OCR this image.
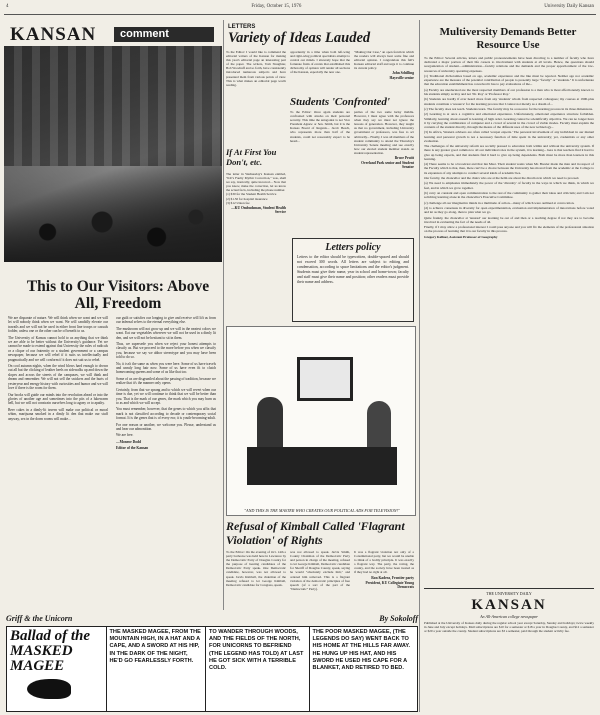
4	Friday, October 15, 1976	University Daily Kansan
KANSAN	comment
This to Our Visitors: Above All, Freedom

We are disparate of nature. We will think when we want and we will let will nobody think when we want. We will candidly elevate our travails and we will not be used in either front line troops or casuals fodder, unless one or the other can be of benefit to us.

The University of Kansas cannot hold to us anything that we think we are able to be better without the University's guidance. Yet we cannot be made to extend against that University the rules of radicals or a clique of our fraternity or a student government or a campus newspaper, because we will rebel if it suits us intellectually and pragmatically and we will conform if it does not suit us to rebel.

On cool autumn nights, when the wind blows hard enough to drown out all but the clicking of leather heels on sidewalks up and down the slopes and across the streets of the campuses, we will think and dream and remember. We will not sell the snickers and the hurts of yesteryear and energy history with curiosities and humor and we will love if there is the room for them.

Our books will guide our minds into the revolution ahead or into the glories of another age and sometimes into the pits of a lukewarm hell, but we will not constrain ourselves long to agony or to apathy.

Beer cakes in a dimly-lit tavern will make our political or moral whim, marijuana smoked in a dimly lit den that make our stuff anyway, sex in the dorm rooms will make...

our guilt or satisfies our longing to give and receive will lift us from our infernal selves to the eternal everything else.

The mushroom will not grow up and we will in the neatest colors we want. Eat our vegetables wherever we will not be used in a dimly lit den, and we will not be hesitant to sit in them.

Thus, we supersede you when we reject your honest attempts to classify us. But we proceed to the more before you when we classify you, because we say we abhor stereotype and you may have been told to do so.

No, it isn't the same as when you were here. Some of us have travels and unruly long hair now. Some of us have even fit to clutch homecoming queens and some of us like that too.

Some of us are disgruntled about the passing of tradition, because we realize that it's the manner only opens.

Certainly, from that we sprang and to which we will revert when our time is due, yet we will continue to think that we will be better than you. That is the mark of our genes, the mark which you may burn us to as and which we will accept.

You must remember, however, that the genes to which you affix that mark is not classified according to decade or contemporary social format. It is the genes that is of every era; it is youth-becoming-adult.

For one reason or another, we welcome you. Please, understand us and hear our admonition.

We are free.

—Monroe Dodd

Editor of the Kansan

LETTERS
Variety of Ideas Lauded
To the Editor: I would like to commend the editorial writers of the Kansan for making this year's editorial page an interesting part of the paper. The writers, Tom Slaughter, Bob Woodruff and so forth, have consistently introduced numerous subjects and have presented them from various points of view. This is what makes an editorial page worth reading.
opportunity in a time when both left-wing and right-wing political specialists attempt to control our minds. I sincerely hope that the fortunate fruits of events that established this dichotomy of opinion will render all sections of the Kansan, especially the new one.
"Making Our Case," an open forum in which the readers will always hear some fine and editorial opinion. I congratulate this fall's Kansan editorial staff and urge it to continue its current policy.
John Schilling
Haysville senior
Students 'Confronted'
To the Editor: Once again students are confronted with attacks on their personal security. This time the antagonist is not Vice President Agnew or Sen. Smith, but it is the Kansas Board of Regents... Jacob Beach, who represents more than half of the students, could not reasonably expect to be heard...
parties of the two same lucky middle. However, I must agree with the professors when they say we must not ignore the lessons of generation. However, they taught us that no government, including University government or professors, was free to act arbitrarily... Finally, I was all members of the student community to attend the Thursday's University Senate meeting and see exactly how our elected student member stands on student representation.
Bruce Pruitt
Overland Park senior and Student Senator
If At First You Don't, etc.
The letter in Wednesday's Kansan entitled, "KU's Faulty Mythic Correction," was, shall we say, ironically, quite incorrect... Now that you know, make the correction, let us know the actual facts, including the phone number.
(1) $30 for the Student Health Service
(2) $1.50 for hospital insurance
(3) $12 Union fee
—KU Ombudsman, Student Health Service
Letters policy
Letters to the editor should be typewritten, double-spaced and should not exceed 300 words. All letters are subject to editing and condensation, according to space limitations and the editor's judgment. Students must give their name, year in school and home-town; faculty and staff must give their name and position; other readers must provide their name and address.
"AND THIS IS THE MASTER WHO CREATES OUR POLITICAL ADS FOR TELEVISION!"
Refusal of Kimball Called 'Flagrant Violation' of Rights
To the Editor: On the evening of Oct. 14th a party barbecue was held here in Lawrence by the Democratic Party of Douglas County for the purpose of hearing candidates of the Democratic Party speak. One Democratic candidate, however, was not allowed to speak. Jarvis Kimball, the chairman of the meeting refused to let George Kimball, Democratic candidate for Congress, speak.
was not allowed to speak. Jarvis Smith, County Chairman of the Democratic Party and person in charge of the meeting, refused to let George Kimball, Democratic candidate for Sheriff of Douglas County, speak, saying he would "absolutely exclude him," and ordered him removed. This is a flagrant violation of the democratic principles of free speech (of a sort of the part of the "Democratic" Party).
It was a flagrant violation not only of a Constitutional party, but we would be unable to think of a bodily principle. It was exactly a flagrant way. The party, the voting, the county, and the society have been treated as if they had no right at all.
Ron Kadera, Frontier party
President, KU Collegiate Young Democrats
Multiversity Demands Better Resource Use

To the Editor: Several articles, letters and public pronouncements have been directing to a number of faculty who have dedicated a major portion of their life careers to involvement with students at all levels. Hence, the questions should reorganization of student—administration—faculty relations and the demands and the proper apportionment of the low-resources of university operating expenses.

(1) Traditional dichotomies based on age, academic experience and the like must be rejected. Neither age nor academic experience are the measure of the potential contribution of people to presently large "faculty" or "students." It is unfortunate that the education establishment has conceived it has to pay evaluations of the...

(a) Faculty are uneducated are the most respected members of our profession is a man who is most affectionately known to his students simply as Roy and not 'Dr. Roy' or 'Professor Roy.'

(b) Students are hardly if ever heard more from any 'students' whom from respected colleagues; my courses at 1900-plus students constitute a 'resource' for the learning process that I cannot not merely as a dream of...

(c) The faculty does not teach. Students learn. The faculty may be a resource for the learning process in its three dimensions.

(2) Learning is at once a cognitive and emotional experience. Unfortunately, emotional experience structure forbidden. Similarly, learning about oneself is learning of high order. Learning cannot be scientifically objective. We can no longer have it by carrying the combination of computer and a crowd of several in the crowd of viable modes. Faculty must explain the contents of the student directly, through the means of the different uses of the new technology...

(3) In Africa, Western advisers are often called 'scarpet experts.' The personal involvement of any individual in our mutual learning and personal growth is not a necessary function of time spent in the university; yet, credentials or any other evaluation.

The challenges of the university reform are socially pressed to education both within and without the university system. If there is any greater good common to all our individual roles in the system, it is learning... here is that teachers find it hard to give up being experts, and that students find it hard to give up being dependents. Both must be more than learners in this learning.

(4) There seems to be a broadcast and that Ian Mast. Their student wants when Mr. Bresler made the man and in respect of the Faculty which is that, then, there can't be a choice between the University has moved from the academic at the College to its expansion of any attempts to conduct several kinds of academic lies.

Our faculty, the chancellor and the chairs who are at the helm are about the direction in which we need to proceed.

(a) We need to emphasize immediately the power of the 'diversity' of faculty in the ways in which we think, in which we feel, and in which we grow together.

(b) carry on constant and open communication to the rest of the community to gather their ideas and criticism; and I am not soliciting learning alone in the chancellor's Executive Committee.

(c) challenge all our imaginative minds in a multitude of action—many of which were outlined at convocation.

(d) to achieve consensus in diversity for open experimentation, evaluation and implementation of innovations before voted and let as they go along, then to plan what we go.

Quite frankly, the chancellor at 'tenured' our learning be out of and then or a teaching degree if not they are to become involved in evaluating the fact of the needs of all.

Finally, if I may allow a professional interest I could pass anyone and you will fix the elements of the professional situation on the process of learning that it is our faculty in this process.

Gregory Kellner, Assistant Professor of Geography

THE UNIVERSITY DAILY
KANSAN
An All-American college newspaper
Published at the University of Kansas daily during the regular school year except Saturday, Sunday and holidays; twice weekly in June and July except holidays. Mail subscriptions are $10 for a semester or $18 a year in Douglas County, and $12 a semester or $20 a year outside the county. Student subscriptions are $3 a semester, paid through the student activity fee.
Griff & the Unicorn	By Sokoloff
Ballad of the MASKED MAGEE
THE MASKED MAGEE, FROM THE MOUNTAIN HIGH, IN A HAT AND A CAPE, AND A SWORD AT HIS HIP, IN THE DARK OF THE NIGHT, HE'D GO FEARLESSLY FORTH.
TO WANDER THROUGH WOODS, AND THE FIELDS OF THE NORTH, FOR UNICORNS TO BEFRIEND (THE LEGEND HAS TOLD) AT LAST HE GOT SICK WITH A TERRIBLE COLD.
THE POOR MASKED MAGEE, (THE LEGENDS DO SAY) WENT BACK TO HIS HOME AT THE HILLS FAR AWAY. HE HUNG UP HIS HAT, AND HIS SWORD HE USED HIS CAPE FOR A BLANKET, AND RETIRED TO BED.
